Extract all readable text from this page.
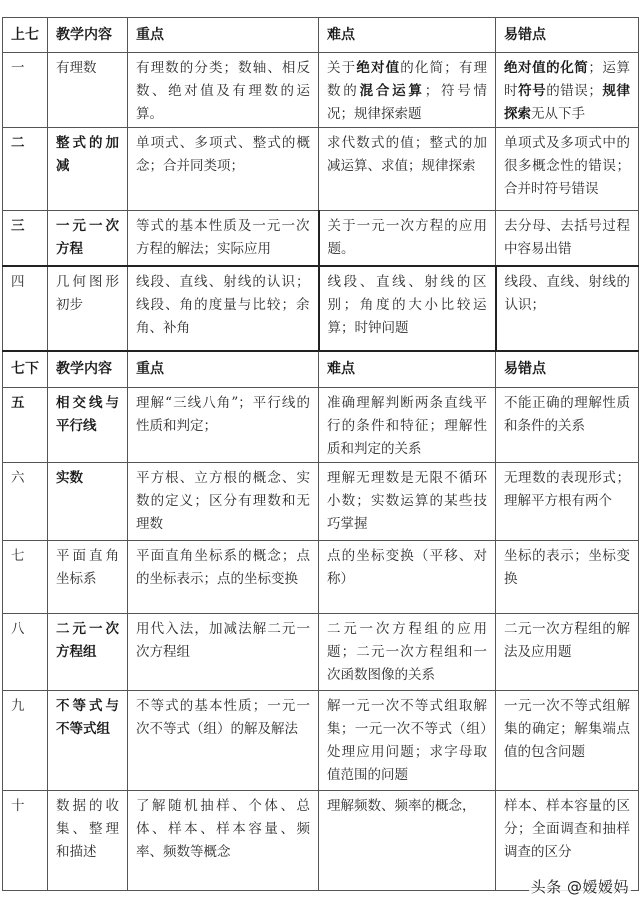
上七	教学内容	重点	难点	易错点
一	有理数	有理数的分类；数轴、相反数、绝对值及有理数的运算。	关于绝对值的化简；有理数的混合运算；符号情况；规律探索题	绝对值的化简；运算时符号的错误；规律探索无从下手
二	整式的加减	单项式、多项式、整式的概念；合并同类项；	求代数式的值；整式的加减运算、求值；规律探索	单项式及多项式中的很多概念性的错误；合并时符号错误
三	一元一次方程	等式的基本性质及一元一次方程的解法；实际应用	关于一元一次方程的应用题。	去分母、去括号过程中容易出错
四	几何图形初步	线段、直线、射线的认识；线段、角的度量与比较；余角、补角	线段、直线、射线的区别；角度的大小比较运算；时钟问题	线段、直线、射线的认识；
七下	教学内容	重点	难点	易错点
五	相交线与平行线	理解“三线八角”；平行线的性质和判定；	准确理解判断两条直线平行的条件和特征；理解性质和判定的关系	不能正确的理解性质和条件的关系
六	实数	平方根、立方根的概念、实数的定义；区分有理数和无理数	理解无理数是无限不循环小数；实数运算的某些技巧掌握	无理数的表现形式；理解平方根有两个
七	平面直角坐标系	平面直角坐标系的概念；点的坐标表示；点的坐标变换	点的坐标变换（平移、对称）	坐标的表示；坐标变换
八	二元一次方程组	用代入法，加减法解二元一次方程组	二元一次方程组的应用题；二元一次方程组和一次函数图像的关系	二元一次方程组的解法及应用题
九	不等式与不等式组	不等式的基本性质；一元一次不等式（组）的解及解法	解一元一次不等式组取解集；一元一次不等式（组）处理应用问题；求字母取值范围的问题	一元一次不等式组解集的确定；解集端点值的包含问题
十	数据的收集、整理和描述	了解随机抽样、个体、总体、样本、样本容量、频率、频数等概念	理解频数、频率的概念，	样本、样本容量的区分；全面调查和抽样调查的区分
头条 @嫒嫒妈
